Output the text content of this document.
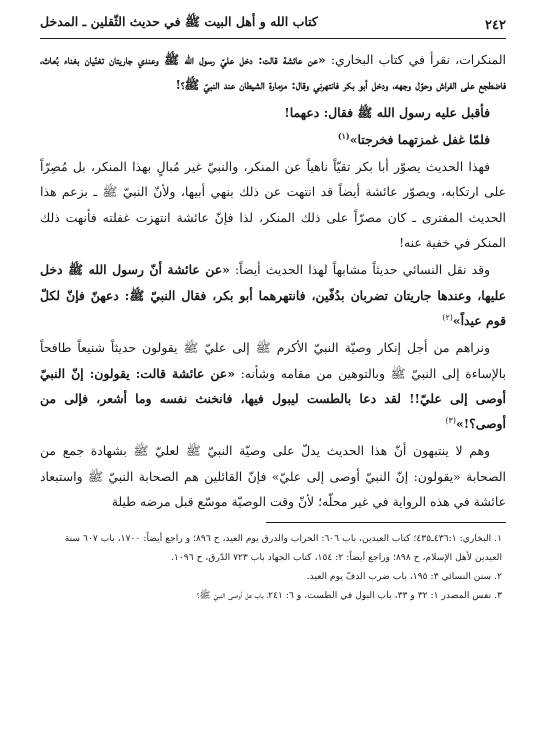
٢٤٢
كتاب الله و أهل البيت ﷺ في حديث الثّقلين ـ المدخل

المنكرات، نقرأ في كتاب البخاري: «عن عائشة قالت: دخل عليّ رسول الله ﷺ وعندي جاريتان تغنّيان بغناء بُعاث، فاضطجع على الفراش وحوّل وجهه، ودخل أبو بكر فانتهرني وقال: مزمارة الشيطان عند النبيّ ﷺ؟!

فأقبل عليه رسول الله ﷺ فقال: دعهما!

فلمّا غفل غمزتهما فخرجتا»$^{(١)}$

فهذا الحديث يصوّر أبا بكر تقيّاً ناهياً عن المنكر، والنبيّ غير مُبالٍ بهذا المنكر، بل مُصِرّاً على ارتكابه، ويصوّر عائشة أيضاً قد انتهت عن ذلك بنهي أبيها، ولأنّ النبيّ ﷺ ـ بزعم هذا الحديث المفترى ـ كان مصرّاً على ذلك المنكر، لذا فإنّ عائشة انتهزت غفلته فأنهت ذلك المنكر في خفية عنه!

وقد نقل النسائي حديثاً مشابهاً لهذا الحديث أيضاً: «عن عائشة أنّ رسول الله ﷺ دخل عليها، وعندها جاريتان تضربان بدُفّين، فانتهرهما أبو بكر، فقال النبيّ ﷺ: دعهنّ فإنّ لكلّ قوم عيداً»$^{(٢)}$

ونراهم من أجل إنكار وصيّة النبيّ الأكرم ﷺ إلى عليّ ﷺ يقولون حديثاً شنيعاً طافحاً بالإساءة إلى النبيّ ﷺ وبالتوهين من مقامه وشأنه: «عن عائشة قالت: يقولون: إنّ النبيّ أوصى إلى عليّ!! لقد دعا بالطست ليبول فيها، فانخنث نفسه وما أشعر، فإلى من أوصى؟!»$^{(٣)}$

وهم لا ينتبهون أنّ هذا الحديث يدلّ على وصيّة النبيّ ﷺ لعليّ ﷺ بشهادة جمع من الصحابة «يقولون: إنّ النبيّ أوصى إلى عليّ» فإنّ القائلين هم الصحابة النبيّ ﷺ واستبعاد عائشة في هذه الرواية في غير محلّه؛ لأنّ وقت الوصيّة موسّع قبل مرضه طيلة

١. البخاري: ٤٣٦:١ـ٤٣٥؛ كتاب العيدين، باب ٦٠٦: الحراب والدرق يوم العيد، ح ٨٩٦؛ و راجع أيضاً: ١٧٠٠، باب ٦٠٧ سنة العيدين لأهل الإسلام، ح ٨٩٨؛ وراجع أيضاً: ٢: ١٥٤، كتاب الجهاد باب ٧٢٣ الدّرق، ح ١٠٩٦.

٢. سنن النسائي ٣: ١٩٥، باب ضرب الدفّ يوم العيد.

٣. نفس المصدر ١: ٣٢ و ٣٣، باب البول في الطست، و ٦: ٢٤١، باب هل أوصى النبيّ ﷺ؟
